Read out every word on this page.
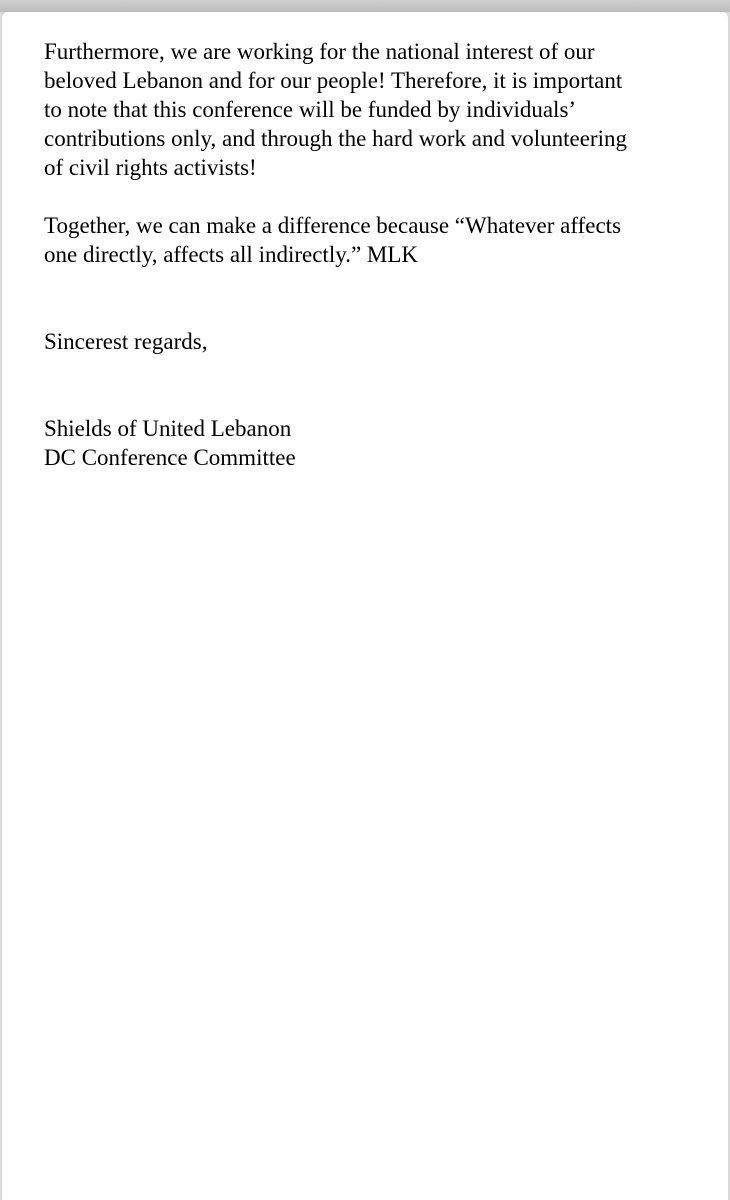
Furthermore, we are working for the national interest of our
beloved Lebanon and for our people! Therefore, it is important
to note that this conference will be funded by individuals’
contributions only, and through the hard work and volunteering
of civil rights activists!

Together, we can make a difference because “Whatever affects
one directly, affects all indirectly.” MLK

Sincerest regards,

Shields of United Lebanon

DC Conference Committee
